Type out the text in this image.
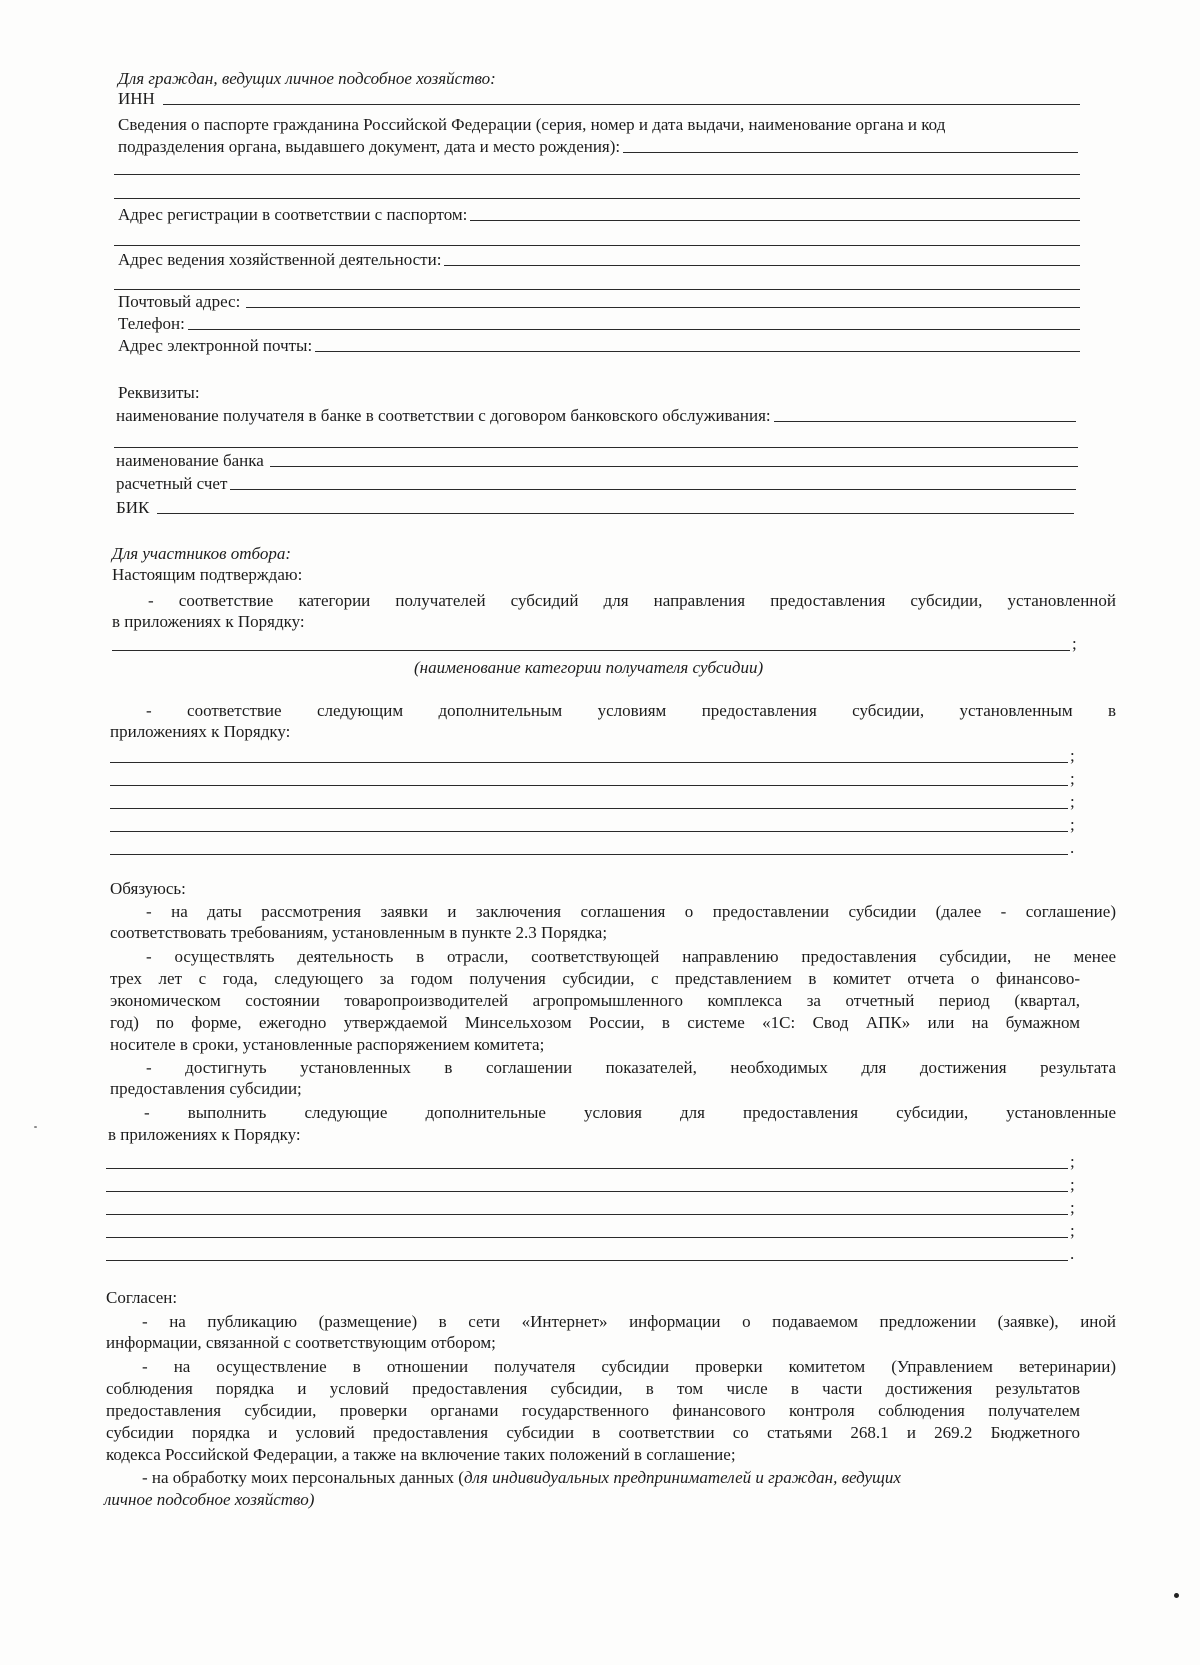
Для граждан, ведущих личное подсобное хозяйство:
ИНН
Сведения о паспорте гражданина Российской Федерации (серия, номер и дата выдачи, наименование органа и код
подразделения органа, выдавшего документ, дата и место рождения):
Адрес регистрации в соответствии с паспортом:
Адрес ведения хозяйственной деятельности:
Почтовый адрес:
Телефон:
Адрес электронной почты:
Реквизиты:
наименование получателя в банке в соответствии с договором банковского обслуживания:
наименование банка
расчетный счет
БИК
Для участников отбора:
Настоящим подтверждаю:
- соответствие категории получателей субсидий для направления предоставления субсидии, установленной
в приложениях к Порядку:
;
(наименование категории получателя субсидии)
- соответствие следующим дополнительным условиям предоставления субсидии, установленным в
приложениях к Порядку:
;
;
;
;
.
Обязуюсь:
- на даты рассмотрения заявки и заключения соглашения о предоставлении субсидии (далее - соглашение)
соответствовать требованиям, установленным в пункте 2.3 Порядка;
- осуществлять деятельность в отрасли, соответствующей направлению предоставления субсидии, не менее
трех лет с года, следующего за годом получения субсидии, с представлением в комитет отчета о финансово-
экономическом состоянии товаропроизводителей агропромышленного комплекса за отчетный период (квартал,
год) по форме, ежегодно утверждаемой Минсельхозом России, в системе «1С: Свод АПК» или на бумажном
носителе в сроки, установленные распоряжением комитета;
- достигнуть установленных в соглашении показателей, необходимых для достижения результата
предоставления субсидии;
- выполнить следующие дополнительные условия для предоставления субсидии, установленные
в приложениях к Порядку:
;
;
;
;
.
Согласен:
- на публикацию (размещение) в сети «Интернет» информации о подаваемом предложении (заявке), иной
информации, связанной с соответствующим отбором;
- на осуществление в отношении получателя субсидии проверки комитетом (Управлением ветеринарии)
соблюдения порядка и условий предоставления субсидии, в том числе в части достижения результатов
предоставления субсидии, проверки органами государственного финансового контроля соблюдения получателем
субсидии порядка и условий предоставления субсидии в соответствии со статьями 268.1 и 269.2 Бюджетного
кодекса Российской Федерации, а также на включение таких положений в соглашение;
- на обработку моих персональных данных (для индивидуальных предпринимателей и граждан, ведущих
личное подсобное хозяйство)
